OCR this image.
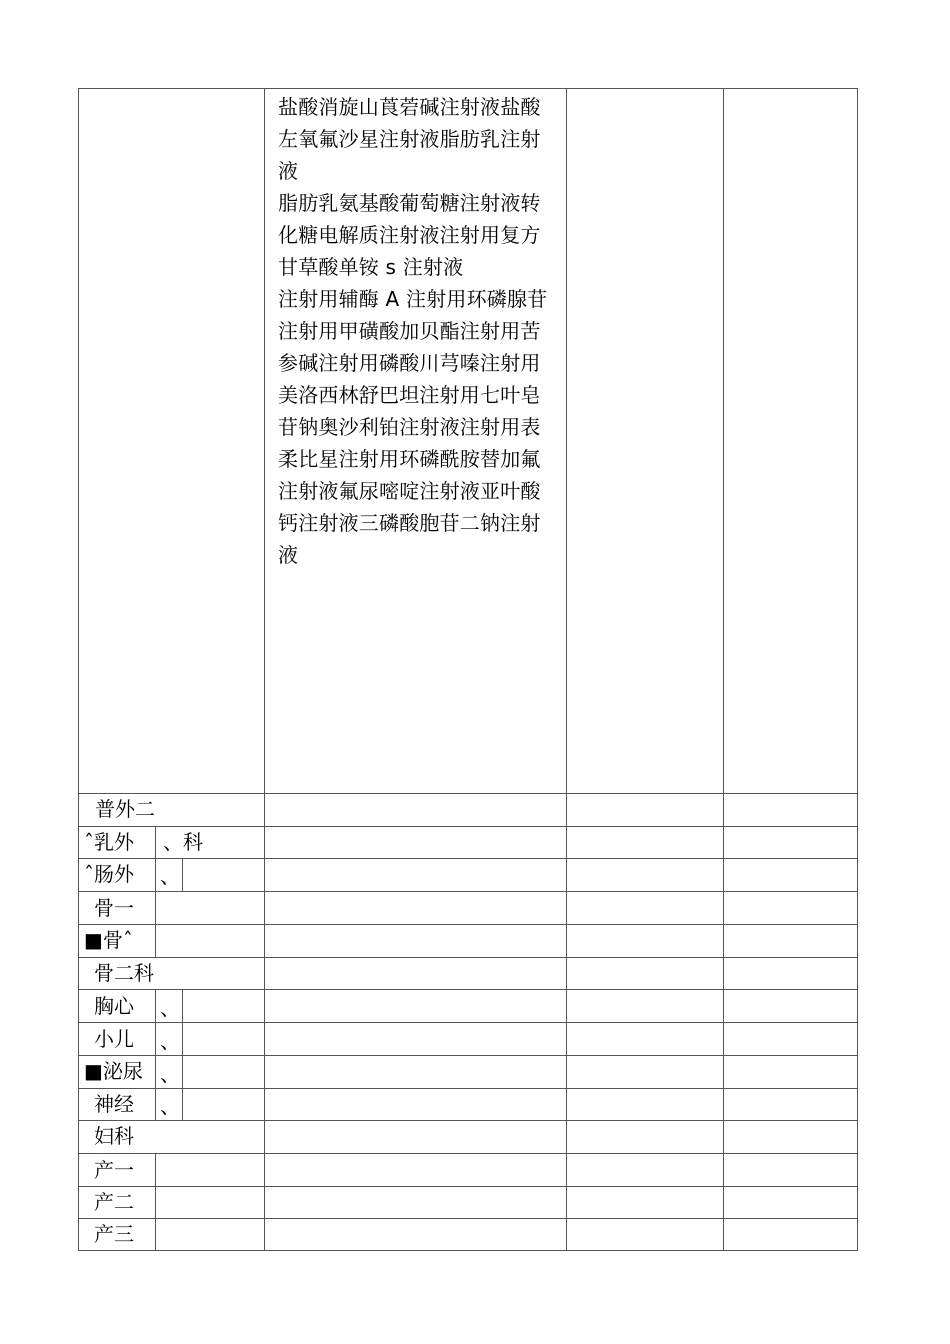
盐酸消旋山莨菪碱注射液盐酸
左氧氟沙星注射液脂肪乳注射
液
脂肪乳氨基酸葡萄糖注射液转
化糖电解质注射液注射用复方
甘草酸单铵 s 注射液
注射用辅酶 A 注射用环磷腺苷
注射用甲磺酸加贝酯注射用苦
参碱注射用磷酸川芎嗪注射用
美洛西林舒巴坦注射用七叶皂
苷钠奥沙利铂注射液注射用表
柔比星注射用环磷酰胺替加氟
注射液氟尿嘧啶注射液亚叶酸
钙注射液三磷酸胞苷二钠注射
液
普外二
ˆ乳外 、科
ˆ肠外 、
骨一
■骨ˆ
骨二科
胸心 、
小儿 、
■泌尿 、
神经 、
妇科
产一
产二
产三
